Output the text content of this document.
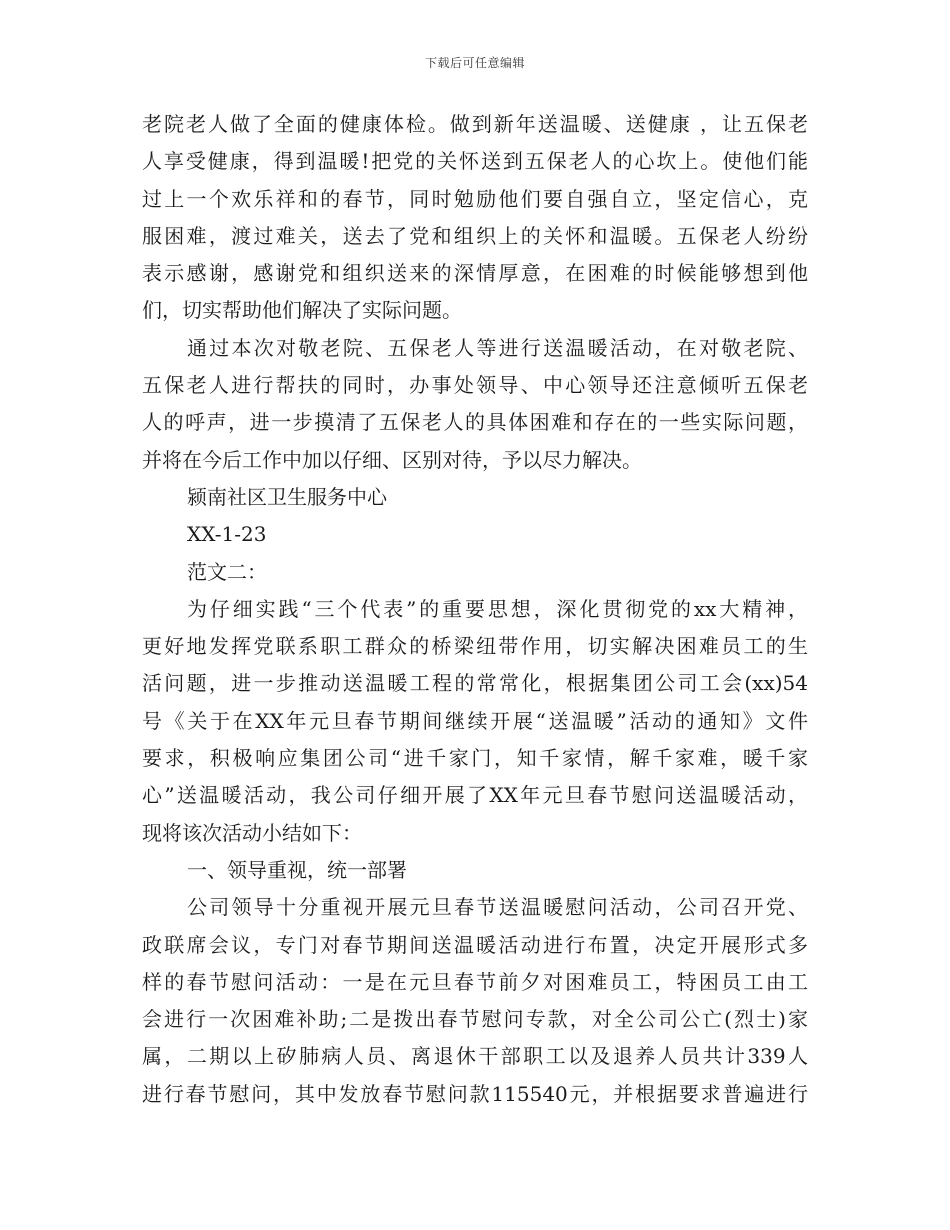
下载后可任意编辑
老院老人做了全面的健康体检。做到新年送温暖、送健康 ，让五保老
人享受健康，得到温暖!把党的关怀送到五保老人的心坎上。使他们能
过上一个欢乐祥和的春节，同时勉励他们要自强自立，坚定信心，克
服困难，渡过难关，送去了党和组织上的关怀和温暖。五保老人纷纷
表示感谢，感谢党和组织送来的深情厚意，在困难的时候能够想到他
们，切实帮助他们解决了实际问题。
通过本次对敬老院、五保老人等进行送温暖活动，在对敬老院、
五保老人进行帮扶的同时，办事处领导、中心领导还注意倾听五保老
人的呼声，进一步摸清了五保老人的具体困难和存在的一些实际问题，
并将在今后工作中加以仔细、区别对待，予以尽力解决。
颍南社区卫生服务中心
XX-1-23
范文二：
为仔细实践“三个代表”的重要思想，深化贯彻党的xx大精神，
更好地发挥党联系职工群众的桥梁纽带作用，切实解决困难员工的生
活问题，进一步推动送温暖工程的常常化，根据集团公司工会(xx)54
号《关于在XX年元旦春节期间继续开展“送温暖”活动的通知》文件
要求，积极响应集团公司“进千家门，知千家情，解千家难，暖千家
心”送温暖活动，我公司仔细开展了XX年元旦春节慰问送温暖活动，
现将该次活动小结如下：
一、领导重视，统一部署
公司领导十分重视开展元旦春节送温暖慰问活动，公司召开党、
政联席会议，专门对春节期间送温暖活动进行布置，决定开展形式多
样的春节慰问活动：一是在元旦春节前夕对困难员工，特困员工由工
会进行一次困难补助;二是拨出春节慰问专款，对全公司公亡(烈士)家
属，二期以上矽肺病人员、离退休干部职工以及退养人员共计339人
进行春节慰问，其中发放春节慰问款115540元，并根据要求普遍进行
